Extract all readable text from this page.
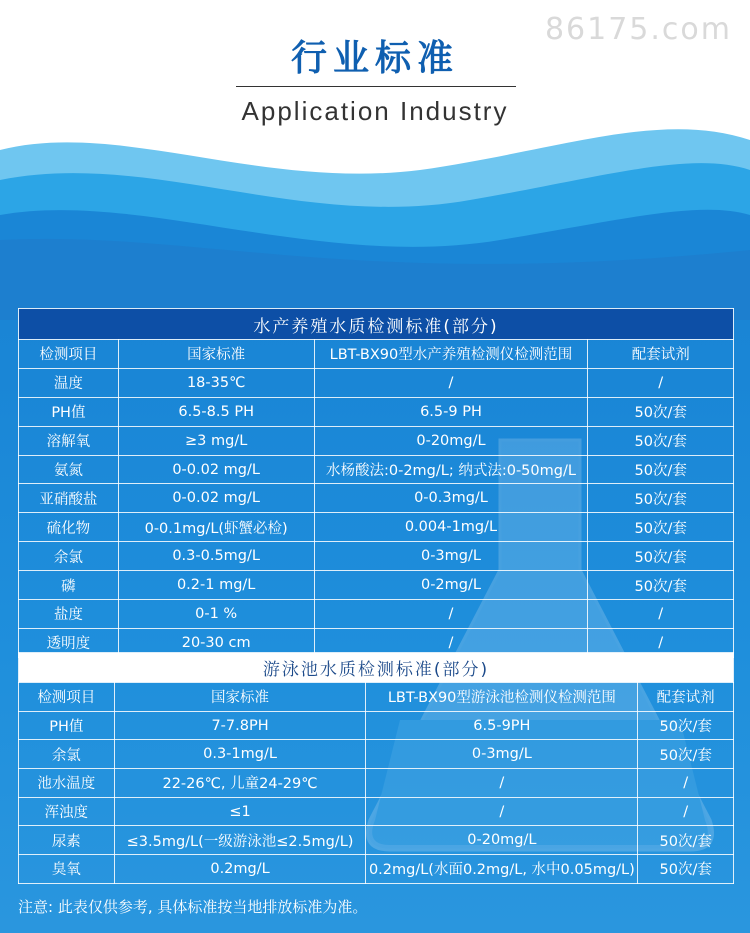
86175.com
行业标准
Application Industry
水产养殖水质检测标准(部分)			
检测项目	国家标准	LBT-BX90型水产养殖检测仪检测范围	配套试剂
温度	18-35℃	/	/
PH值	6.5-8.5 PH	6.5-9 PH	50次/套
溶解氧	≥3 mg/L	0-20mg/L	50次/套
氨氮	0-0.02 mg/L	水杨酸法:0-2mg/L; 纳式法:0-50mg/L	50次/套
亚硝酸盐	0-0.02 mg/L	0-0.3mg/L	50次/套
硫化物	0-0.1mg/L(虾蟹必检)	0.004-1mg/L	50次/套
余氯	0.3-0.5mg/L	0-3mg/L	50次/套
磷	0.2-1 mg/L	0-2mg/L	50次/套
盐度	0-1 %	/	/
透明度	20-30 cm	/	/
游泳池水质检测标准(部分)			
检测项目	国家标准	LBT-BX90型游泳池检测仪检测范围	配套试剂
PH值	7-7.8PH	6.5-9PH	50次/套
余氯	0.3-1mg/L	0-3mg/L	50次/套
池水温度	22-26℃, 儿童24-29℃	/	/
浑浊度	≤1	/	/
尿素	≤3.5mg/L(一级游泳池≤2.5mg/L)	0-20mg/L	50次/套
臭氧	0.2mg/L	0.2mg/L(水面0.2mg/L, 水中0.05mg/L)	50次/套
注意: 此表仅供参考, 具体标准按当地排放标准为准。
